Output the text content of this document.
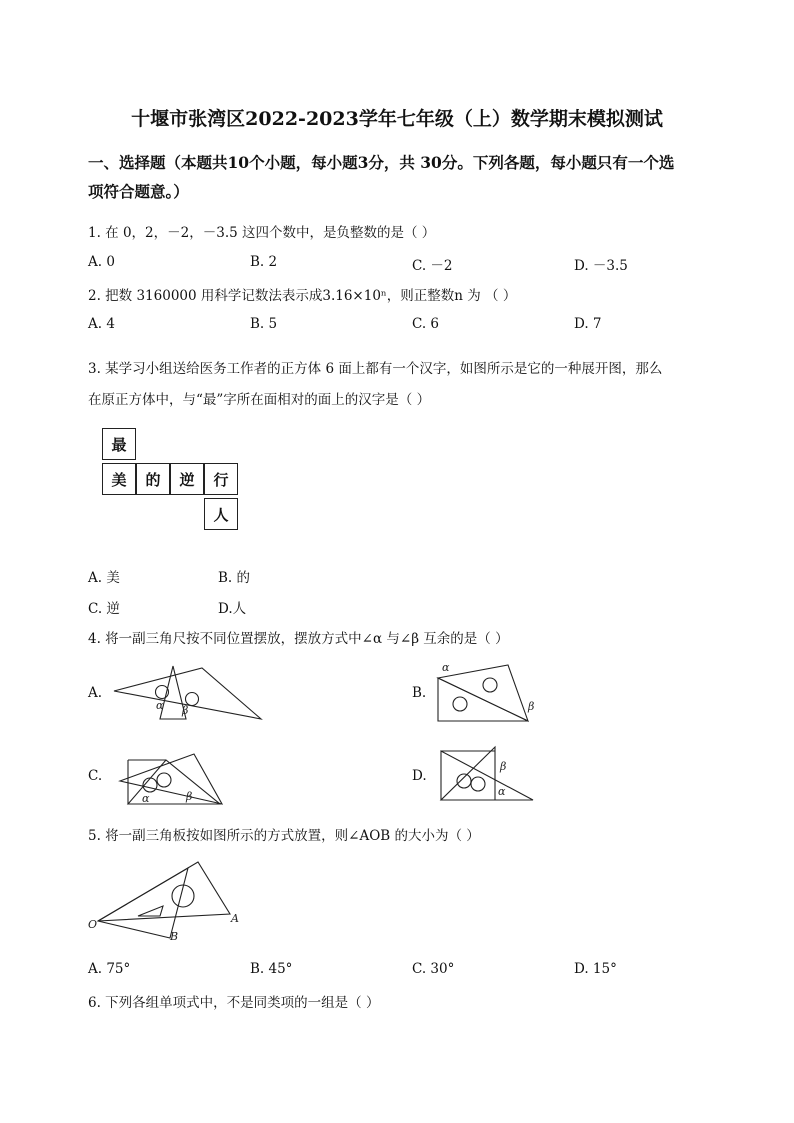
十堰市张湾区2022-2023学年七年级（上）数学期末模拟测试
一、选择题（本题共10个小题，每小题3分，共 30分。下列各题，每小题只有一个选
项符合题意。）
1. 在 0，2，－2，－3.5 这四个数中，是负整数的是（ ）
A. 0	B. 2	C. －2	D. －3.5
2. 把数 3160000 用科学记数法表示成3.16×10ⁿ，则正整数n 为 （ ）
A. 4	B. 5	C. 6	D. 7
3. 某学习小组送给医务工作者的正方体 6 面上都有一个汉字，如图所示是它的一种展开图，那么
在原正方体中，与“最”字所在面相对的面上的汉字是（ ）
最
美	的	逆	行
人
A. 美	B. 的
C. 逆	D.人
4. 将一副三角尺按不同位置摆放，摆放方式中∠α 与∠β 互余的是（ ）
A.
α β
B.
α
β
C.
α	β
D.
β
α
5. 将一副三角板按如图所示的方式放置，则∠AOB 的大小为（ ）
O	A
B
A. 75°	B. 45°	C. 30°	D. 15°
6. 下列各组单项式中，不是同类项的一组是（ ）
